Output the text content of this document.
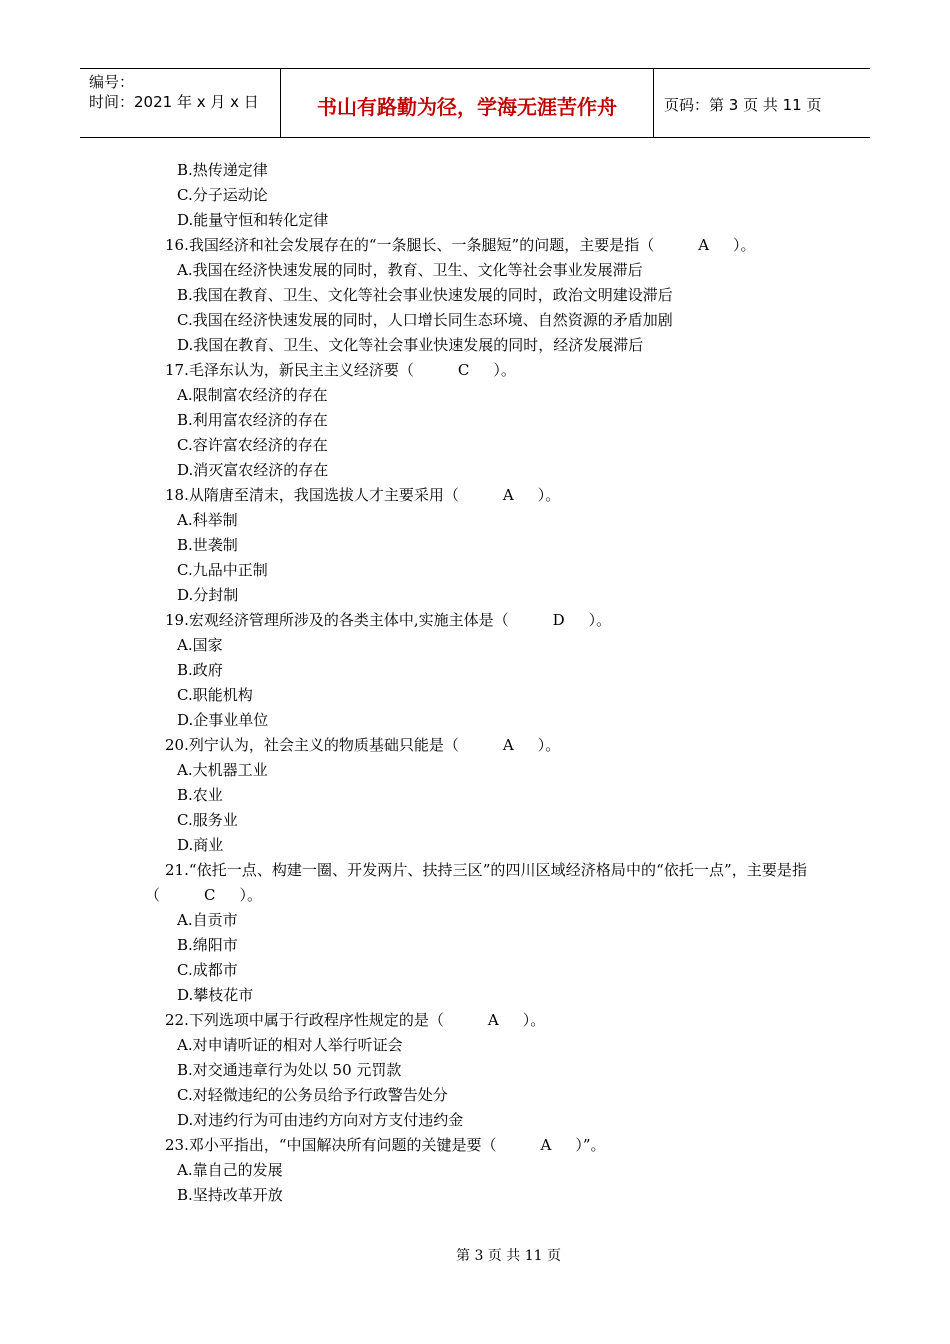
编号：
时间：2021 年 x 月 x 日	书山有路勤为径，学海无涯苦作舟	页码：第 3 页 共 11 页
B.热传递定律
C.分子运动论
D.能量守恒和转化定律
16.我国经济和社会发展存在的“一条腿长、一条腿短”的问题，主要是指（	A ）。
A.我国在经济快速发展的同时，教育、卫生、文化等社会事业发展滞后
B.我国在教育、卫生、文化等社会事业快速发展的同时，政治文明建设滞后
C.我国在经济快速发展的同时，人口增长同生态环境、自然资源的矛盾加剧
D.我国在教育、卫生、文化等社会事业快速发展的同时，经济发展滞后
17.毛泽东认为，新民主主义经济要（	C ）。
A.限制富农经济的存在
B.利用富农经济的存在
C.容许富农经济的存在
D.消灭富农经济的存在
18.从隋唐至清末，我国选拔人才主要采用（	A ）。
A.科举制
B.世袭制
C.九品中正制
D.分封制
19.宏观经济管理所涉及的各类主体中,实施主体是（	D ）。
A.国家
B.政府
C.职能机构
D.企事业单位
20.列宁认为，社会主义的物质基础只能是（	A ）。
A.大机器工业
B.农业
C.服务业
D.商业
21.“依托一点、构建一圈、开发两片、扶持三区”的四川区域经济格局中的“依托一点”，主要是指（	C ）。
A.自贡市
B.绵阳市
C.成都市
D.攀枝花市
22.下列选项中属于行政程序性规定的是（	A ）。
A.对申请听证的相对人举行听证会
B.对交通违章行为处以 50 元罚款
C.对轻微违纪的公务员给予行政警告处分
D.对违约行为可由违约方向对方支付违约金
23.邓小平指出，“中国解决所有问题的关键是要（	A ）”。
A.靠自己的发展
B.坚持改革开放
第 3 页 共 11 页
